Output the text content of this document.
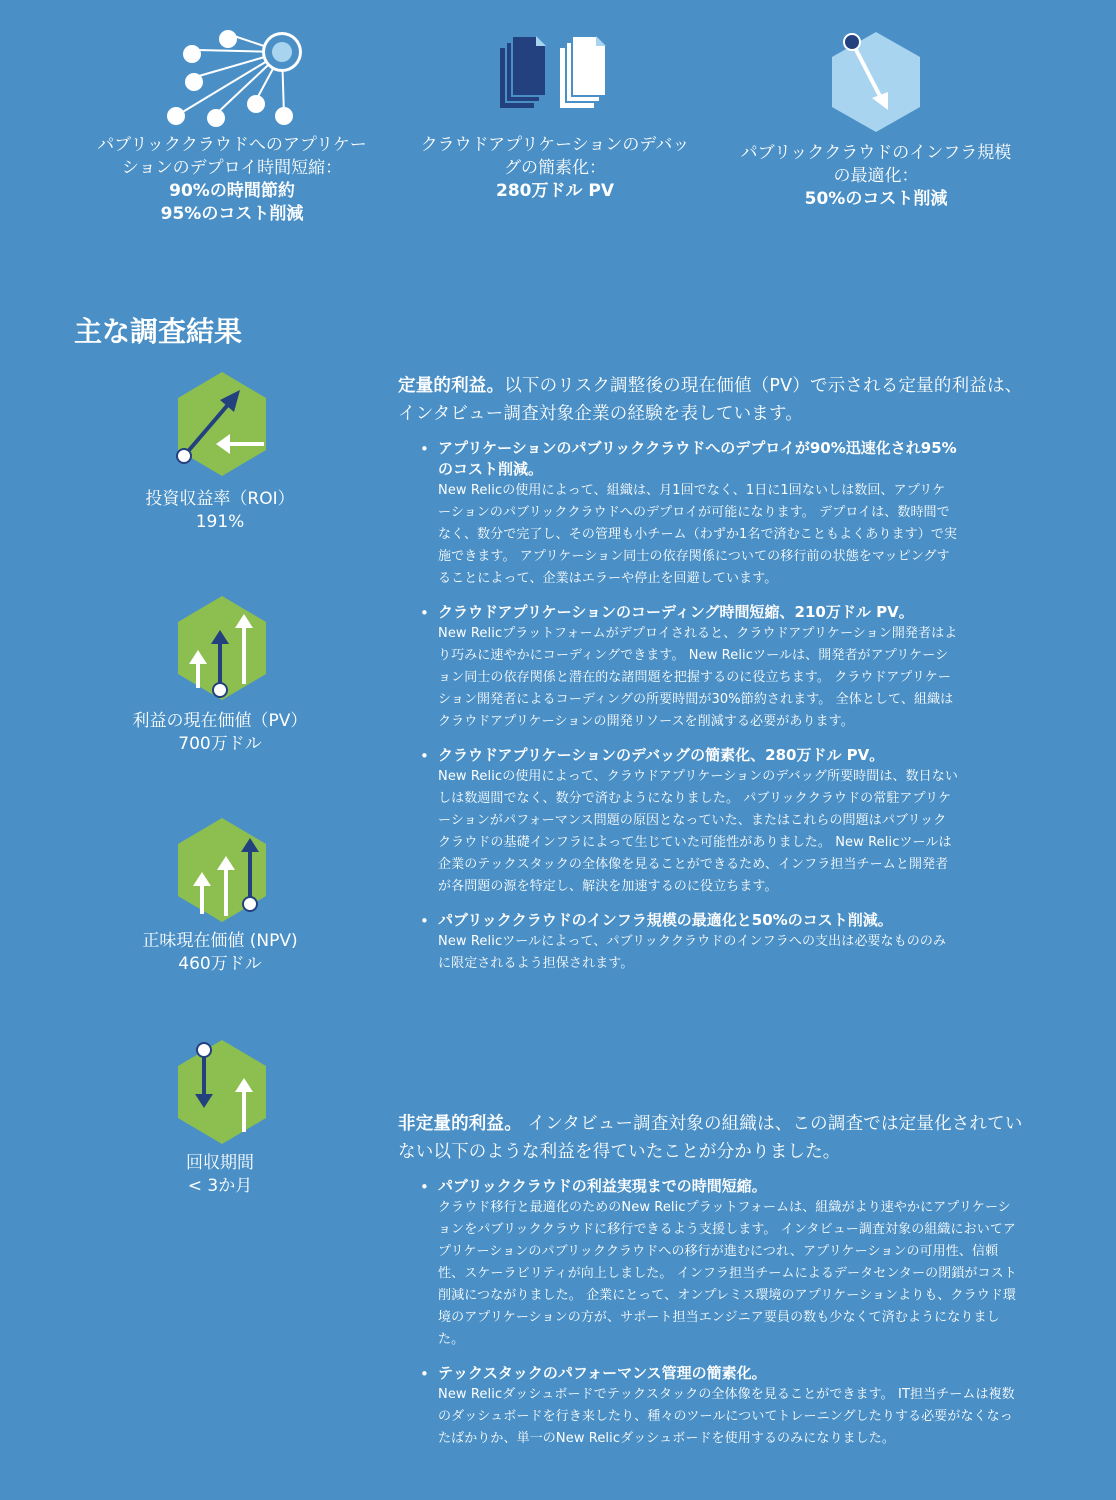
パブリッククラウドへのアプリケーションのデプロイ時間短縮：
90%の時間節約
95%のコスト削減
クラウドアプリケーションのデバッグの簡素化：
280万ドル PV
パブリッククラウドのインフラ規模の最適化：
50%のコスト削減
主な調査結果
投資収益率（ROI）
191%
利益の現在価値（PV）
700万ドル
正味現在価値 (NPV)
460万ドル
回収期間
< 3か月

定量的利益。以下のリスク調整後の現在価値（PV）で示される定量的利益は、インタビュー調査対象企業の経験を表しています。

• アプリケーションのパブリッククラウドへのデプロイが90%迅速化され95%のコスト削減。
New Relicの使用によって、組織は、月1回でなく、1日に1回ないしは数回、アプリケーションのパブリッククラウドへのデプロイが可能になります。 デプロイは、数時間でなく、数分で完了し、その管理も小チーム（わずか1名で済むこともよくあります）で実施できます。 アプリケーション同士の依存関係についての移行前の状態をマッピングすることによって、企業はエラーや停止を回避しています。
• クラウドアプリケーションのコーディング時間短縮、210万ドル PV。
New Relicプラットフォームがデプロイされると、クラウドアプリケーション開発者はより巧みに速やかにコーディングできます。 New Relicツールは、開発者がアプリケーション同士の依存関係と潜在的な諸問題を把握するのに役立ちます。 クラウドアプリケーション開発者によるコーディングの所要時間が30%節約されます。 全体として、組織はクラウドアプリケーションの開発リソースを削減する必要があります。
• クラウドアプリケーションのデバッグの簡素化、280万ドル PV。
New Relicの使用によって、クラウドアプリケーションのデバッグ所要時間は、数日ないしは数週間でなく、数分で済むようになりました。 パブリッククラウドの常駐アプリケーションがパフォーマンス問題の原因となっていた、またはこれらの問題はパブリッククラウドの基礎インフラによって生じていた可能性がありました。 New Relicツールは企業のテックスタックの全体像を見ることができるため、インフラ担当チームと開発者が各問題の源を特定し、解決を加速するのに役立ちます。
• パブリッククラウドのインフラ規模の最適化と50%のコスト削減。
New Relicツールによって、パブリッククラウドのインフラへの支出は必要なもののみに限定されるよう担保されます。

非定量的利益。 インタビュー調査対象の組織は、この調査では定量化されていない以下のような利益を得ていたことが分かりました。

• パブリッククラウドの利益実現までの時間短縮。
クラウド移行と最適化のためのNew Relicプラットフォームは、組織がより速やかにアプリケーションをパブリッククラウドに移行できるよう支援します。 インタビュー調査対象の組織においてアプリケーションのパブリッククラウドへの移行が進むにつれ、アプリケーションの可用性、信頼性、スケーラビリティが向上しました。 インフラ担当チームによるデータセンターの閉鎖がコスト削減につながりました。 企業にとって、オンプレミス環境のアプリケーションよりも、クラウド環境のアプリケーションの方が、サポート担当エンジニア要員の数も少なくて済むようになりました。
• テックスタックのパフォーマンス管理の簡素化。
New Relicダッシュボードでテックスタックの全体像を見ることができます。 IT担当チームは複数のダッシュボードを行き来したり、種々のツールについてトレーニングしたりする必要がなくなったばかりか、単一のNew Relicダッシュボードを使用するのみになりました。
